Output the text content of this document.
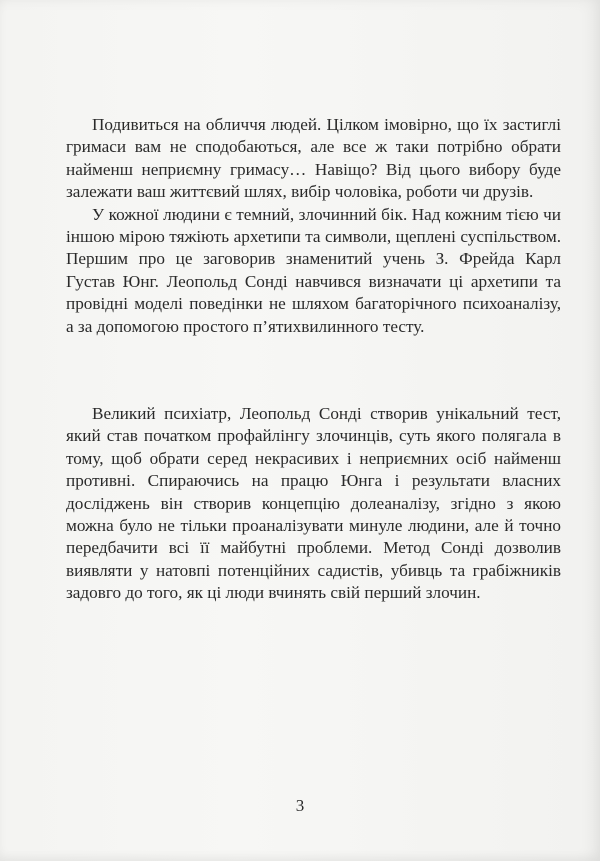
Подивиться на обличчя людей. Цілком імовірно, що їх застиглі гримаси вам не сподобаються, але все ж таки потрібно обрати найменш неприємну гримасу… Навіщо? Від цього вибору буде залежати ваш життєвий шлях, вибір чоловіка, роботи чи друзів.

У кожної людини є темний, злочинний бік. Над кожним тією чи іншою мірою тяжіють архетипи та символи, щеплені суспільством. Першим про це заговорив знаменитий учень З. Фрейда Карл Густав Юнг. Леопольд Сонді навчився визначати ці архетипи та провідні моделі поведінки не шляхом багаторічного психоаналізу, а за допомогою простого п’ятихвилинного тесту.

Великий психіатр, Леопольд Сонді створив унікальний тест, який став початком профайлінгу злочинців, суть якого полягала в тому, щоб обрати серед некрасивих і неприємних осіб найменш противні. Спираючись на працю Юнга і результати власних досліджень він створив концепцію долеаналізу, згідно з якою можна було не тільки проаналізувати минуле людини, але й точно передбачити всі її майбутні проблеми. Метод Сонді дозволив виявляти у натовпі потенційних садистів, убивць та грабіжників задовго до того, як ці люди вчинять свій перший злочин.

3
